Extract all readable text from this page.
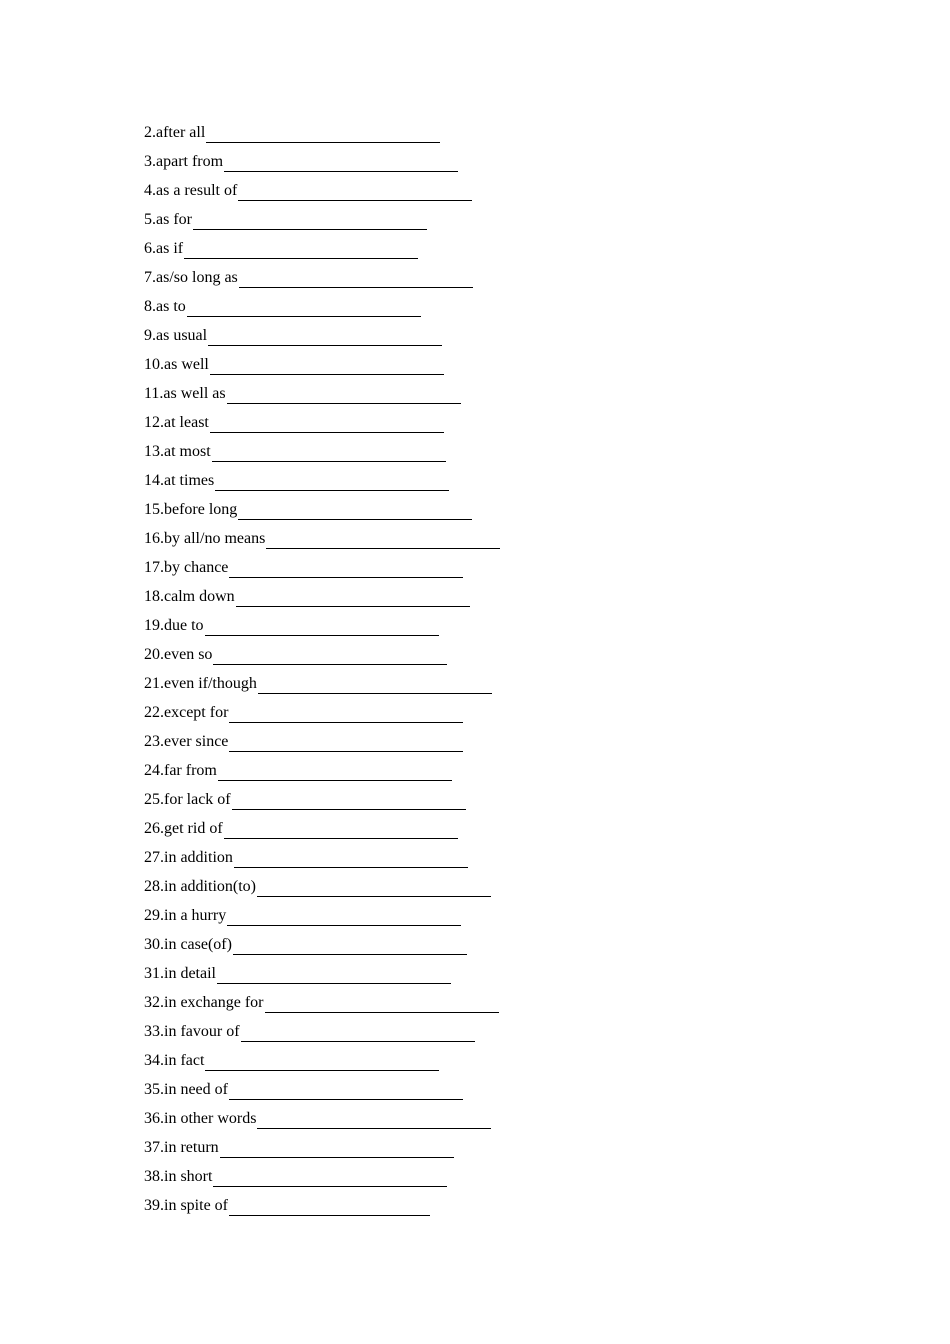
2.after all
3.apart from
4.as a result of
5.as for
6.as if
7.as/so long as
8.as to
9.as usual
10.as well
11.as well as
12.at least
13.at most
14.at times
15.before long
16.by all/no means
17.by chance
18.calm down
19.due to
20.even so
21.even if/though
22.except for
23.ever since
24.far from
25.for lack of
26.get rid of
27.in addition
28.in addition(to)
29.in a hurry
30.in case(of)
31.in detail
32.in exchange for
33.in favour of
34.in fact
35.in need of
36.in other words
37.in return
38.in short
39.in spite of
